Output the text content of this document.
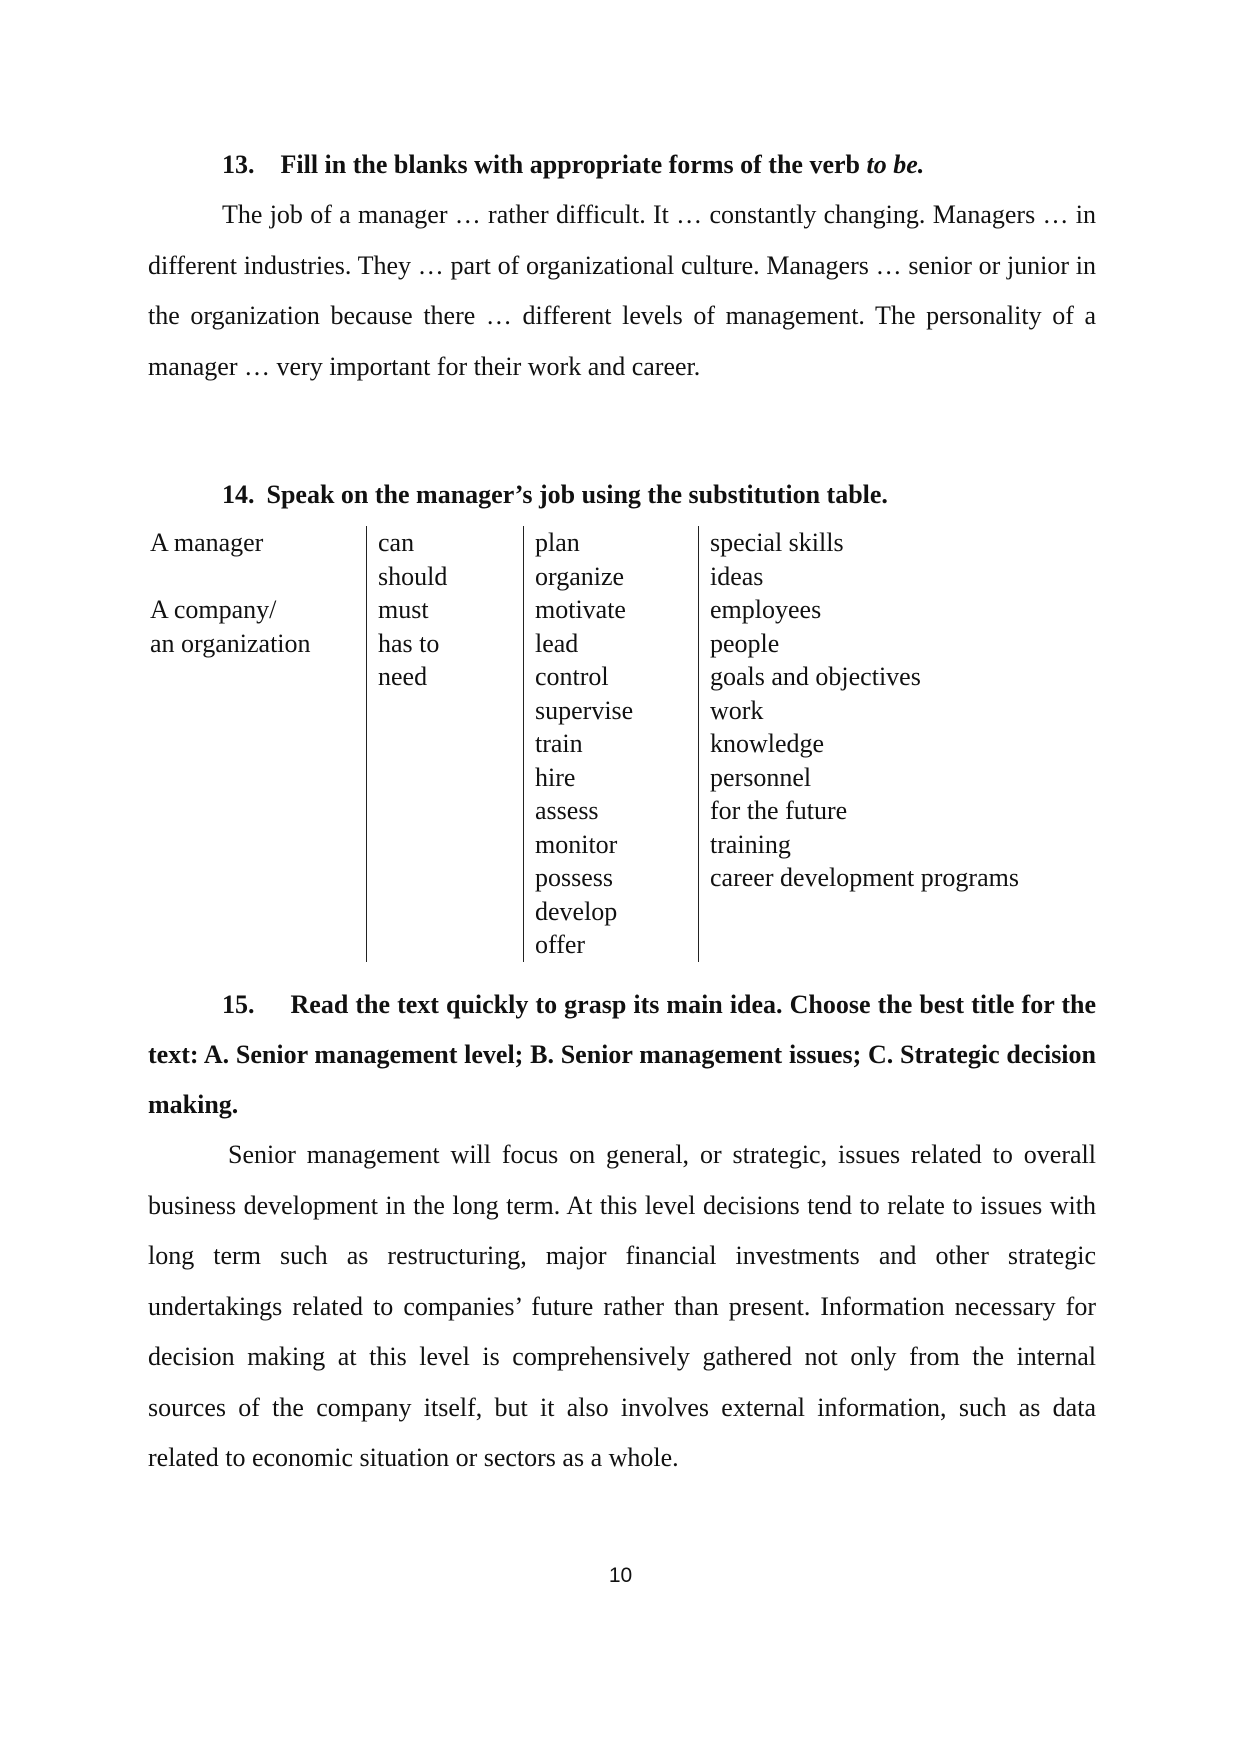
13. Fill in the blanks with appropriate forms of the verb to be.

The job of a manager … rather difficult. It … constantly changing. Managers … in different industries. They … part of organizational culture. Managers … senior or junior in the organization because there … different levels of management. The personality of a manager … very important for their work and career.

14. Speak on the manager’s job using the substitution table.

A manager

A company/
an organization
can
should
must
has to
need
plan
organize
motivate
lead
control
supervise
train
hire
assess
monitor
possess
develop
offer
special skills
ideas
employees
people
goals and objectives
work
knowledge
personnel
for the future
training
career development programs

15. Read the text quickly to grasp its main idea. Choose the best title for the text: A. Senior management level; B. Senior management issues; C. Strategic decision making.

Senior management will focus on general, or strategic, issues related to overall business development in the long term. At this level decisions tend to relate to issues with long term such as restructuring, major financial investments and other strategic undertakings related to companies’ future rather than present. Information necessary for decision making at this level is comprehensively gathered not only from the internal sources of the company itself, but it also involves external information, such as data related to economic situation or sectors as a whole.

10
